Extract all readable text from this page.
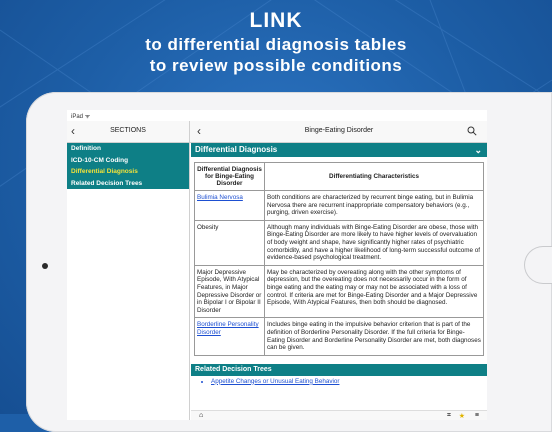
LINK
to differential diagnosis tables
to review possible conditions
iPad ᯤ
‹	SECTIONS	‹	Binge-Eating Disorder
Definition
ICD-10-CM Coding
Differential Diagnosis
Related Decision Trees
Differential Diagnosis	⌄
Differential Diagnosis for Binge-Eating Disorder	Differentiating Characteristics
Bulimia Nervosa	Both conditions are characterized by recurrent binge eating, but in Bulimia Nervosa there are recurrent inappropriate compensatory behaviors (e.g., purging, driven exercise).
Obesity	Although many individuals with Binge-Eating Disorder are obese, those with Binge-Eating Disorder are more likely to have higher levels of overvaluation of body weight and shape, have significantly higher rates of psychiatric comorbidity, and have a higher likelihood of long-term successful outcome of evidence-based psychological treatment.
Major Depressive Episode, With Atypical Features, in Major Depressive Disorder or in Bipolar I or Bipolar II Disorder	May be characterized by overeating along with the other symptoms of depression, but the overeating does not necessarily occur in the form of binge eating and the eating may or may not be associated with a loss of control. If criteria are met for Binge-Eating Disorder and a Major Depressive Episode, With Atypical Features, then both should be diagnosed.
Borderline Personality Disorder	Includes binge eating in the impulsive behavior criterion that is part of the definition of Borderline Personality Disorder. If the full criteria for Binge-Eating Disorder and Borderline Personality Disorder are met, both diagnoses can be given.
Related Decision Trees
• Appetite Changes or Unusual Eating Behavior
⌂	⌗ ★ ≡
